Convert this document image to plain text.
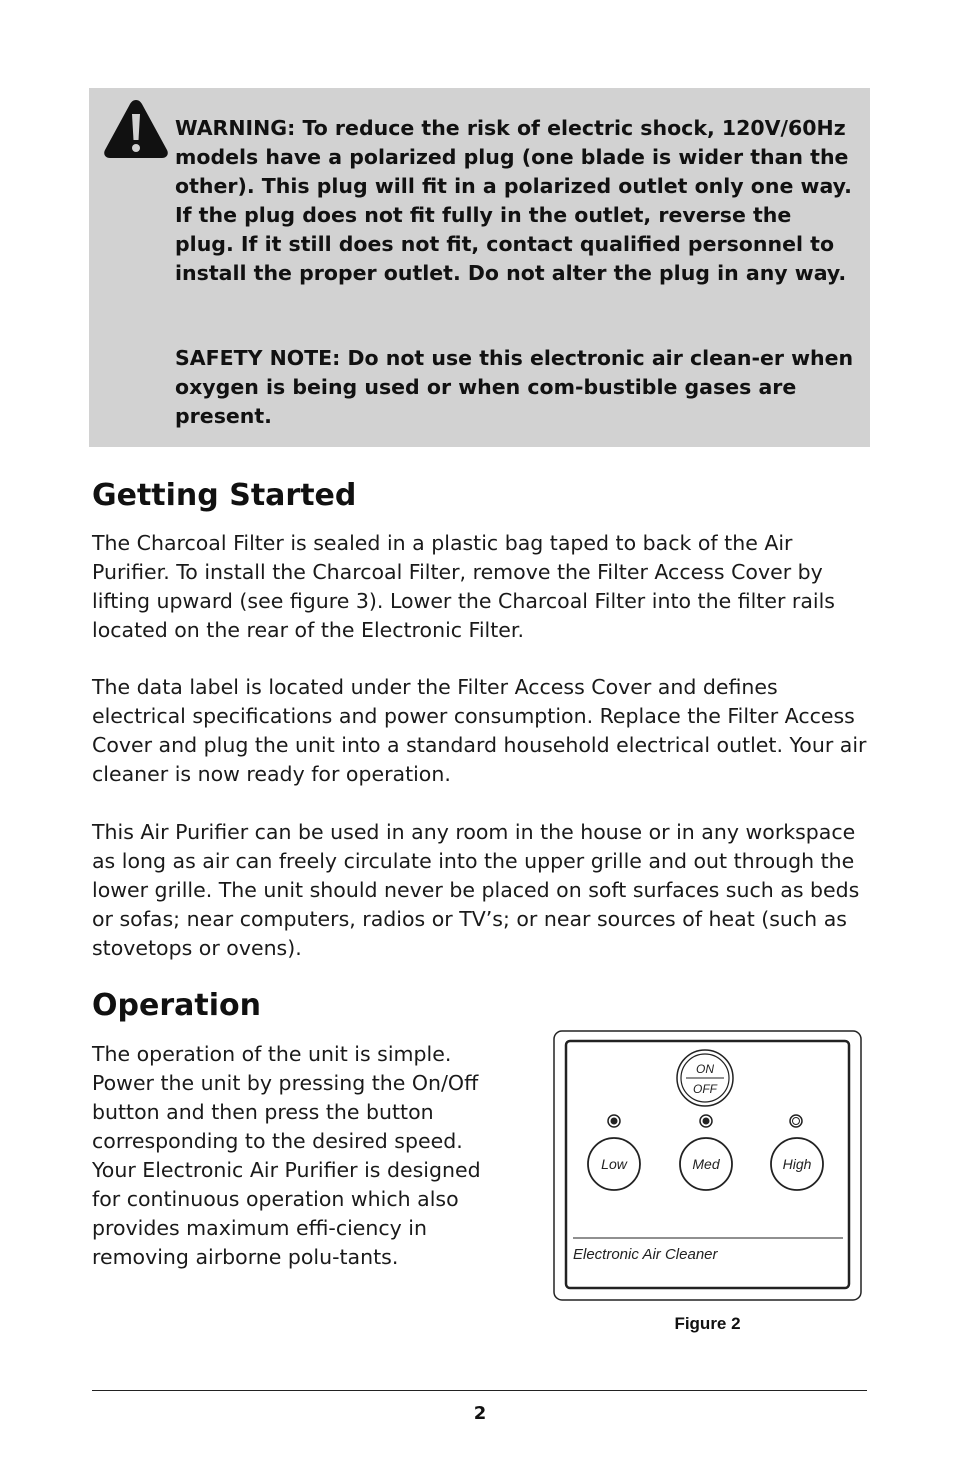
WARNING: To reduce the risk of electric shock, 120V/60Hz models have a polarized plug (one blade is wider than the other). This plug will fit in a polarized outlet only one way. If the plug does not fit fully in the outlet, reverse the plug. If it still does not fit, contact qualified personnel to install the proper outlet. Do not alter the plug in any way.

SAFETY NOTE: Do not use this electronic air clean-er when oxygen is being used or when com-bustible gases are present.

Getting Started

The Charcoal Filter is sealed in a plastic bag taped to back of the Air Purifier. To install the Charcoal Filter, remove the Filter Access Cover by lifting upward (see figure 3). Lower the Charcoal Filter into the filter rails located on the rear of the Electronic Filter.

The data label is located under the Filter Access Cover and defines electrical specifications and power consumption. Replace the Filter Access Cover and plug the unit into a standard household electrical outlet. Your air cleaner is now ready for operation.

This Air Purifier can be used in any room in the house or in any workspace as long as air can freely circulate into the upper grille and out through the lower grille. The unit should never be placed on soft surfaces such as beds or sofas; near computers, radios or TV’s; or near sources of heat (such as stovetops or ovens).

Operation

The operation of the unit is simple. Power the unit by pressing the On/Off button and then press the button corresponding to the desired speed. Your Electronic Air Purifier is designed for continuous operation which also provides maximum effi-ciency in removing airborne polu-tants.

ON
OFF
Low	Med	High
Electronic Air Cleaner

Figure 2

2
